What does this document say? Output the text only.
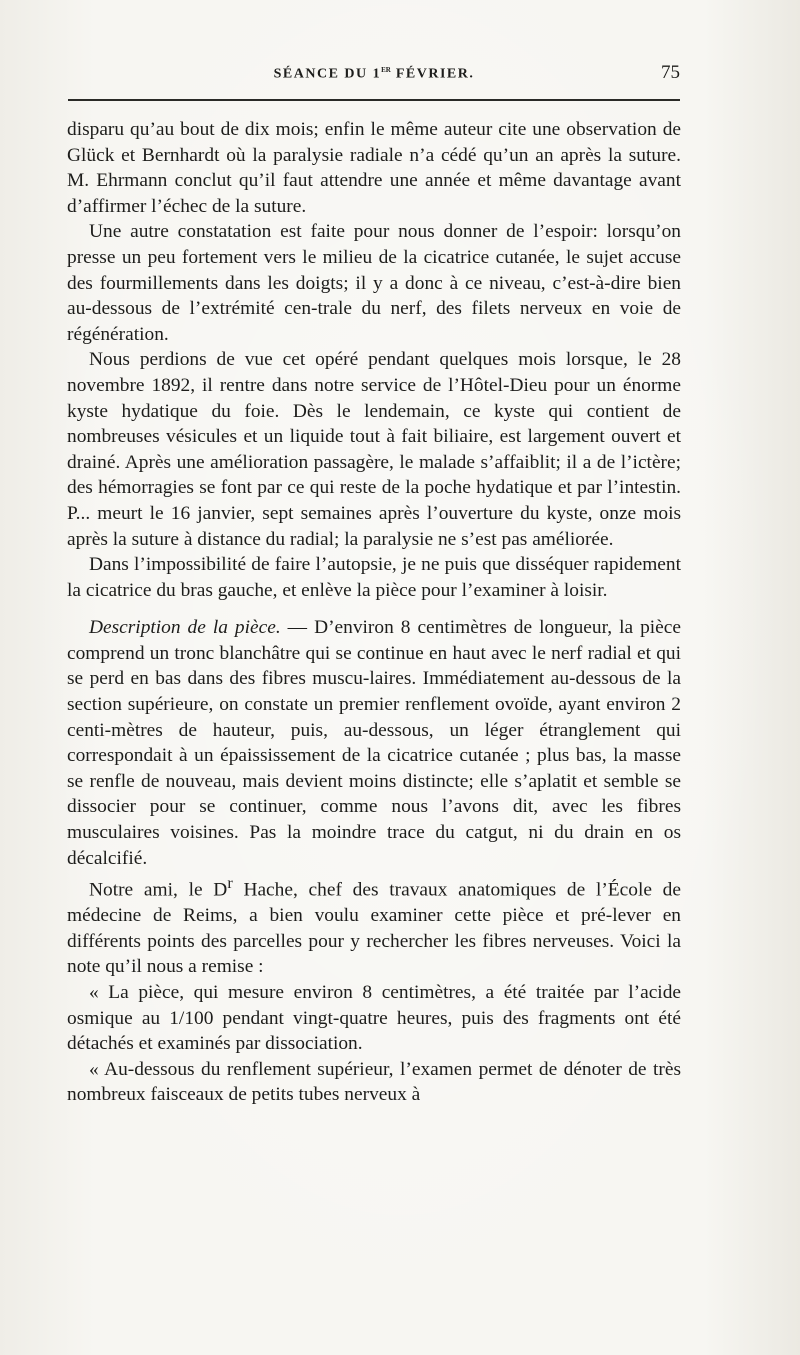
SÉANCE DU 1er FÉVRIER.	75

disparu qu’au bout de dix mois; enfin le même auteur cite une observation de Glück et Bernhardt où la paralysie radiale n’a cédé qu’un an après la suture. M. Ehrmann conclut qu’il faut attendre une année et même davantage avant d’affirmer l’échec de la suture.

Une autre constatation est faite pour nous donner de l’espoir: lorsqu’on presse un peu fortement vers le milieu de la cicatrice cutanée, le sujet accuse des fourmillements dans les doigts; il y a donc à ce niveau, c’est-à-dire bien au-dessous de l’extrémité cen-trale du nerf, des filets nerveux en voie de régénération.

Nous perdions de vue cet opéré pendant quelques mois lorsque, le 28 novembre 1892, il rentre dans notre service de l’Hôtel-Dieu pour un énorme kyste hydatique du foie. Dès le lendemain, ce kyste qui contient de nombreuses vésicules et un liquide tout à fait biliaire, est largement ouvert et drainé. Après une amélioration passagère, le malade s’affaiblit; il a de l’ictère; des hémorragies se font par ce qui reste de la poche hydatique et par l’intestin. P... meurt le 16 janvier, sept semaines après l’ouverture du kyste, onze mois après la suture à distance du radial; la paralysie ne s’est pas améliorée.

Dans l’impossibilité de faire l’autopsie, je ne puis que disséquer rapidement la cicatrice du bras gauche, et enlève la pièce pour l’examiner à loisir.

Description de la pièce. — D’environ 8 centimètres de longueur, la pièce comprend un tronc blanchâtre qui se continue en haut avec le nerf radial et qui se perd en bas dans des fibres muscu-laires. Immédiatement au-dessous de la section supérieure, on constate un premier renflement ovoïde, ayant environ 2 centi-mètres de hauteur, puis, au-dessous, un léger étranglement qui correspondait à un épaississement de la cicatrice cutanée ; plus bas, la masse se renfle de nouveau, mais devient moins distincte; elle s’aplatit et semble se dissocier pour se continuer, comme nous l’avons dit, avec les fibres musculaires voisines. Pas la moindre trace du catgut, ni du drain en os décalcifié.

Notre ami, le $D^r$ Hache, chef des travaux anatomiques de l’École de médecine de Reims, a bien voulu examiner cette pièce et pré-lever en différents points des parcelles pour y rechercher les fibres nerveuses. Voici la note qu’il nous a remise :

« La pièce, qui mesure environ 8 centimètres, a été traitée par l’acide osmique au 1/100 pendant vingt-quatre heures, puis des fragments ont été détachés et examinés par dissociation.

« Au-dessous du renflement supérieur, l’examen permet de dénoter de très nombreux faisceaux de petits tubes nerveux à
